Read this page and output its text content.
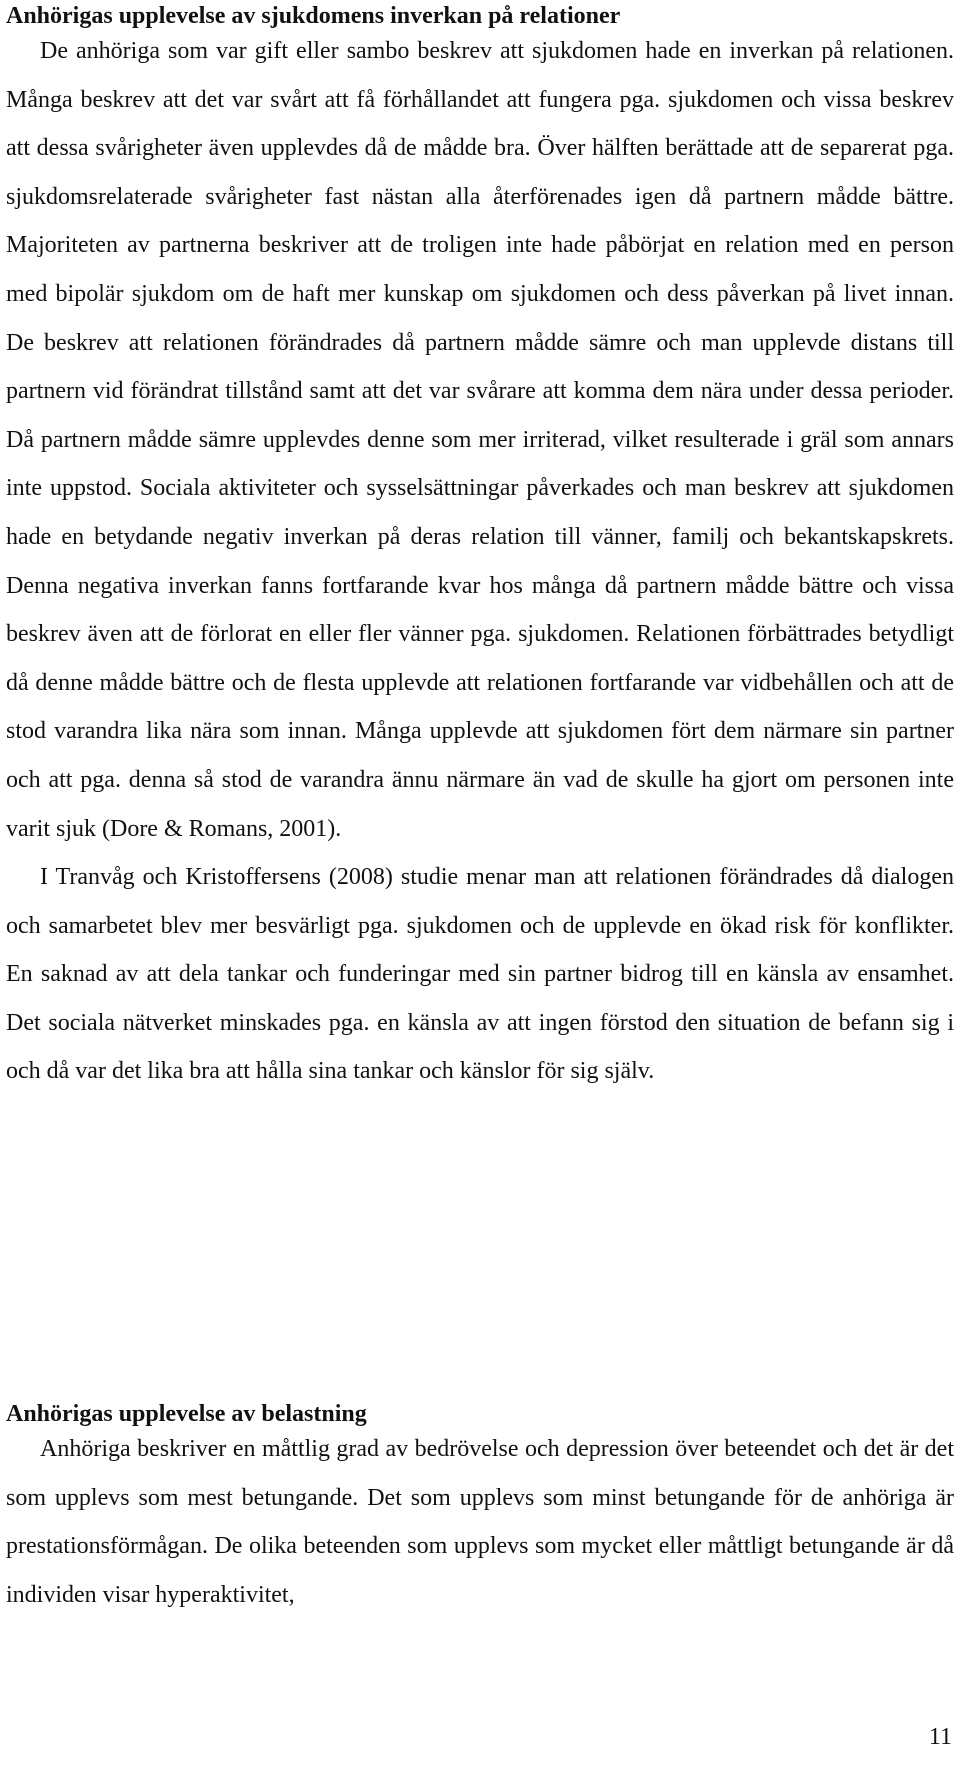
Anhörigas upplevelse av sjukdomens inverkan på relationer

De anhöriga som var gift eller sambo beskrev att sjukdomen hade en inverkan på relationen. Många beskrev att det var svårt att få förhållandet att fungera pga. sjukdomen och vissa beskrev att dessa svårigheter även upplevdes då de mådde bra. Över hälften berättade att de separerat pga. sjukdomsrelaterade svårigheter fast nästan alla återförenades igen då partnern mådde bättre. Majoriteten av partnerna beskriver att de troligen inte hade påbörjat en relation med en person med bipolär sjukdom om de haft mer kunskap om sjukdomen och dess påverkan på livet innan. De beskrev att relationen förändrades då partnern mådde sämre och man upplevde distans till partnern vid förändrat tillstånd samt att det var svårare att komma dem nära under dessa perioder. Då partnern mådde sämre upplevdes denne som mer irriterad, vilket resulterade i gräl som annars inte uppstod. Sociala aktiviteter och sysselsättningar påverkades och man beskrev att sjukdomen hade en betydande negativ inverkan på deras relation till vänner, familj och bekantskapskrets. Denna negativa inverkan fanns fortfarande kvar hos många då partnern mådde bättre och vissa beskrev även att de förlorat en eller fler vänner pga. sjukdomen. Relationen förbättrades betydligt då denne mådde bättre och de flesta upplevde att relationen fortfarande var vidbehållen och att de stod varandra lika nära som innan. Många upplevde att sjukdomen fört dem närmare sin partner och att pga. denna så stod de varandra ännu närmare än vad de skulle ha gjort om personen inte varit sjuk (Dore & Romans, 2001).

I Tranvåg och Kristoffersens (2008) studie menar man att relationen förändrades då dialogen och samarbetet blev mer besvärligt pga. sjukdomen och de upplevde en ökad risk för konflikter. En saknad av att dela tankar och funderingar med sin partner bidrog till en känsla av ensamhet. Det sociala nätverket minskades pga. en känsla av att ingen förstod den situation de befann sig i och då var det lika bra att hålla sina tankar och känslor för sig själv.

Anhörigas upplevelse av belastning

Anhöriga beskriver en måttlig grad av bedrövelse och depression över beteendet och det är det som upplevs som mest betungande. Det som upplevs som minst betungande för de anhöriga är prestationsförmågan. De olika beteenden som upplevs som mycket eller måttligt betungande är då individen visar hyperaktivitet,

11
